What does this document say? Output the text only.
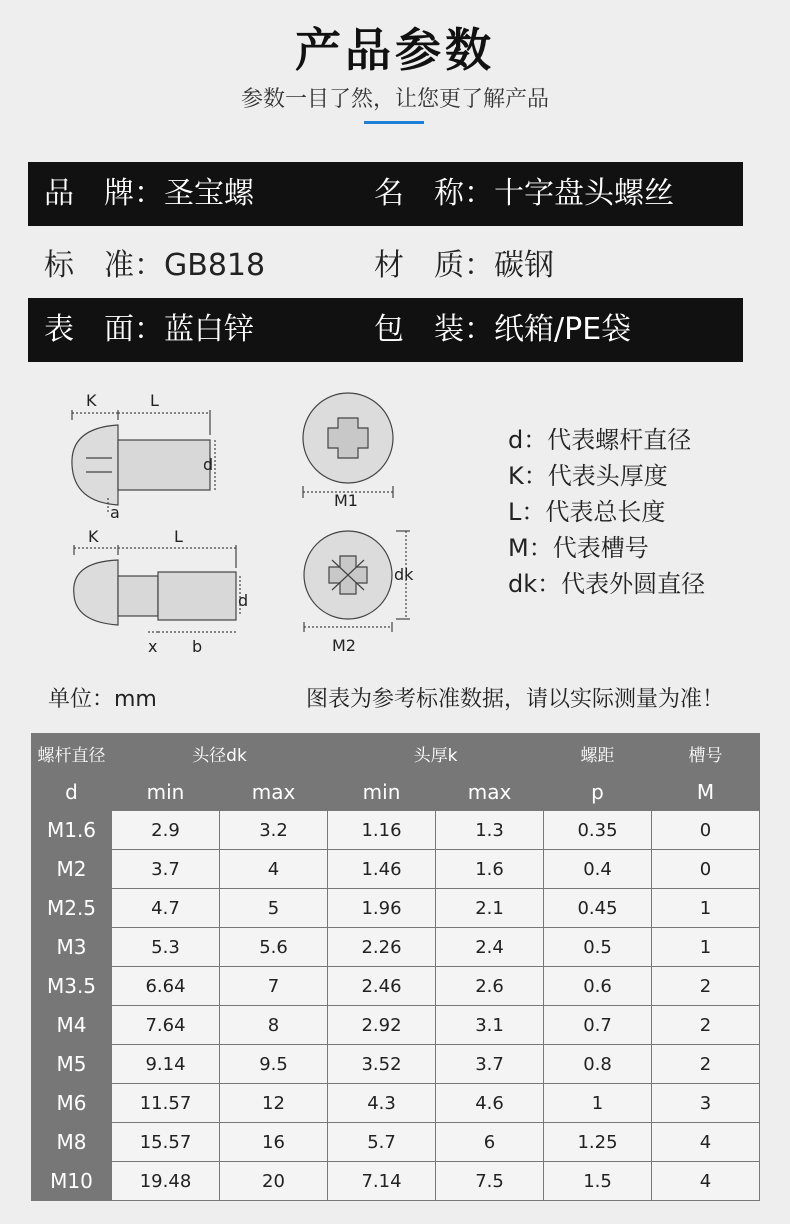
产品参数
参数一目了然，让您更了解产品
品　牌：圣宝螺	名　称：十字盘头螺丝
标　准：GB818	材　质：碳钢
表　面：蓝白锌	包　装：纸箱/PE袋
K	L
d
a
M1
K	L
d
x b
dk
M2
d：代表螺杆直径
K：代表头厚度
L：代表总长度
M：代表槽号
dk：代表外圆直径
单位：mm	图表为参考标准数据，请以实际测量为准！
螺杆直径	头径dk		头厚k		螺距	槽号
d	min	max	min	max	p	M
M1.6	2.9	3.2	1.16	1.3	0.35	0
M2	3.7	4	1.46	1.6	0.4	0
M2.5	4.7	5	1.96	2.1	0.45	1
M3	5.3	5.6	2.26	2.4	0.5	1
M3.5	6.64	7	2.46	2.6	0.6	2
M4	7.64	8	2.92	3.1	0.7	2
M5	9.14	9.5	3.52	3.7	0.8	2
M6	11.57	12	4.3	4.6	1	3
M8	15.57	16	5.7	6	1.25	4
M10	19.48	20	7.14	7.5	1.5	4
